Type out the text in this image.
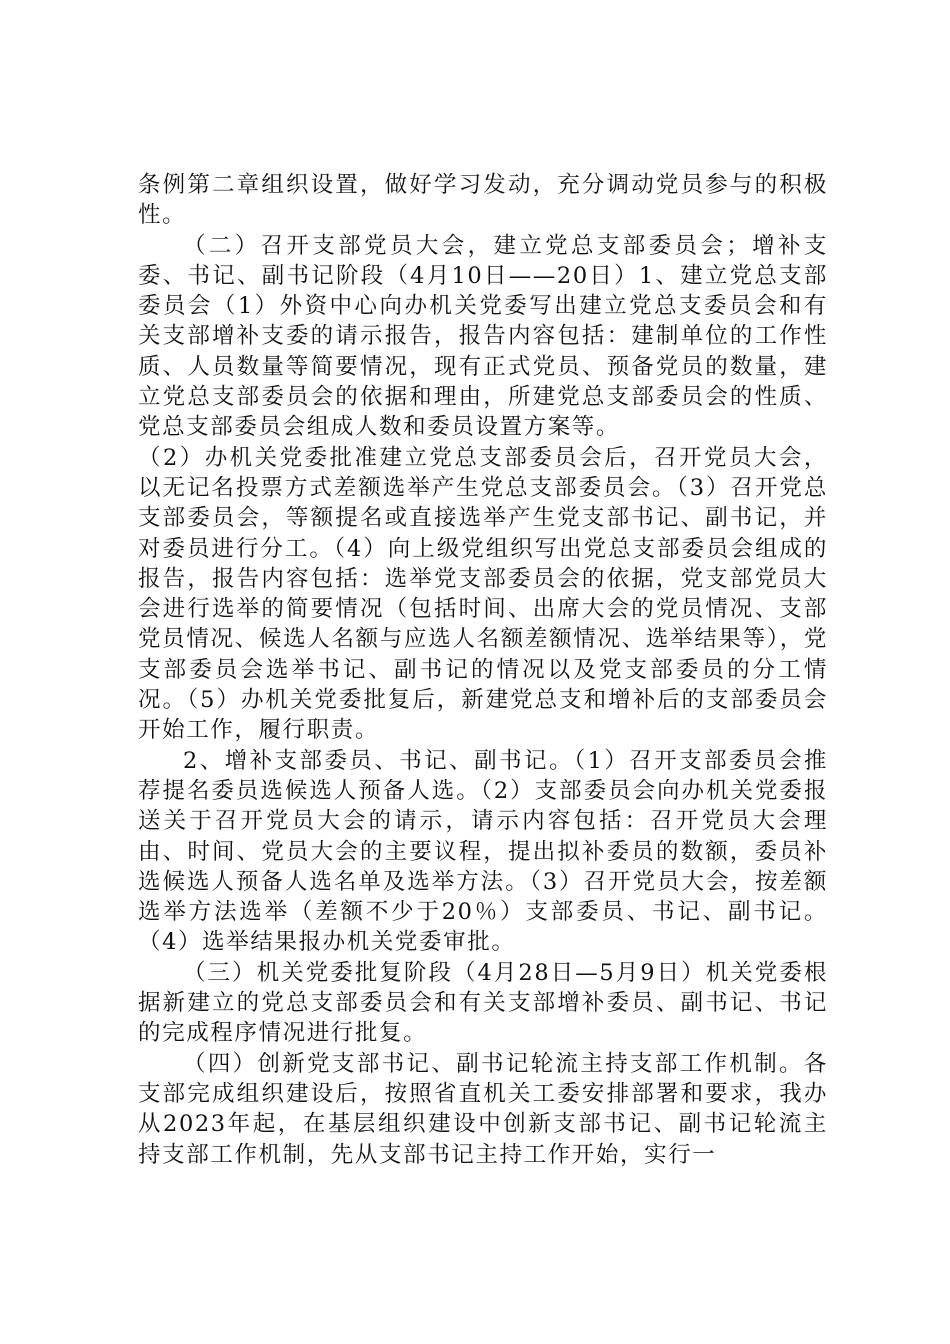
条例第二章组织设置，做好学习发动，充分调动党员参与的积极性。

（二）召开支部党员大会，建立党总支部委员会；增补支委、书记、副书记阶段（4月10日——20日）1、建立党总支部委员会（1）外资中心向办机关党委写出建立党总支委员会和有关支部增补支委的请示报告，报告内容包括：建制单位的工作性质、人员数量等简要情况，现有正式党员、预备党员的数量，建立党总支部委员会的依据和理由，所建党总支部委员会的性质、党总支部委员会组成人数和委员设置方案等。

（2）办机关党委批准建立党总支部委员会后，召开党员大会，以无记名投票方式差额选举产生党总支部委员会。（3）召开党总支部委员会，等额提名或直接选举产生党支部书记、副书记，并对委员进行分工。（4）向上级党组织写出党总支部委员会组成的报告，报告内容包括：选举党支部委员会的依据，党支部党员大会进行选举的简要情况（包括时间、出席大会的党员情况、支部党员情况、候选人名额与应选人名额差额情况、选举结果等），党支部委员会选举书记、副书记的情况以及党支部委员的分工情况。（5）办机关党委批复后，新建党总支和增补后的支部委员会开始工作，履行职责。

2、增补支部委员、书记、副书记。（1）召开支部委员会推荐提名委员选候选人预备人选。（2）支部委员会向办机关党委报送关于召开党员大会的请示，请示内容包括：召开党员大会理由、时间、党员大会的主要议程，提出拟补委员的数额，委员补选候选人预备人选名单及选举方法。（3）召开党员大会，按差额选举方法选举（差额不少于20％）支部委员、书记、副书记。（4）选举结果报办机关党委审批。

（三）机关党委批复阶段（4月28日—5月9日）机关党委根据新建立的党总支部委员会和有关支部增补委员、副书记、书记的完成程序情况进行批复。

（四）创新党支部书记、副书记轮流主持支部工作机制。各支部完成组织建设后，按照省直机关工委安排部署和要求，我办从2023年起，在基层组织建设中创新支部书记、副书记轮流主持支部工作机制，先从支部书记主持工作开始，实行一
